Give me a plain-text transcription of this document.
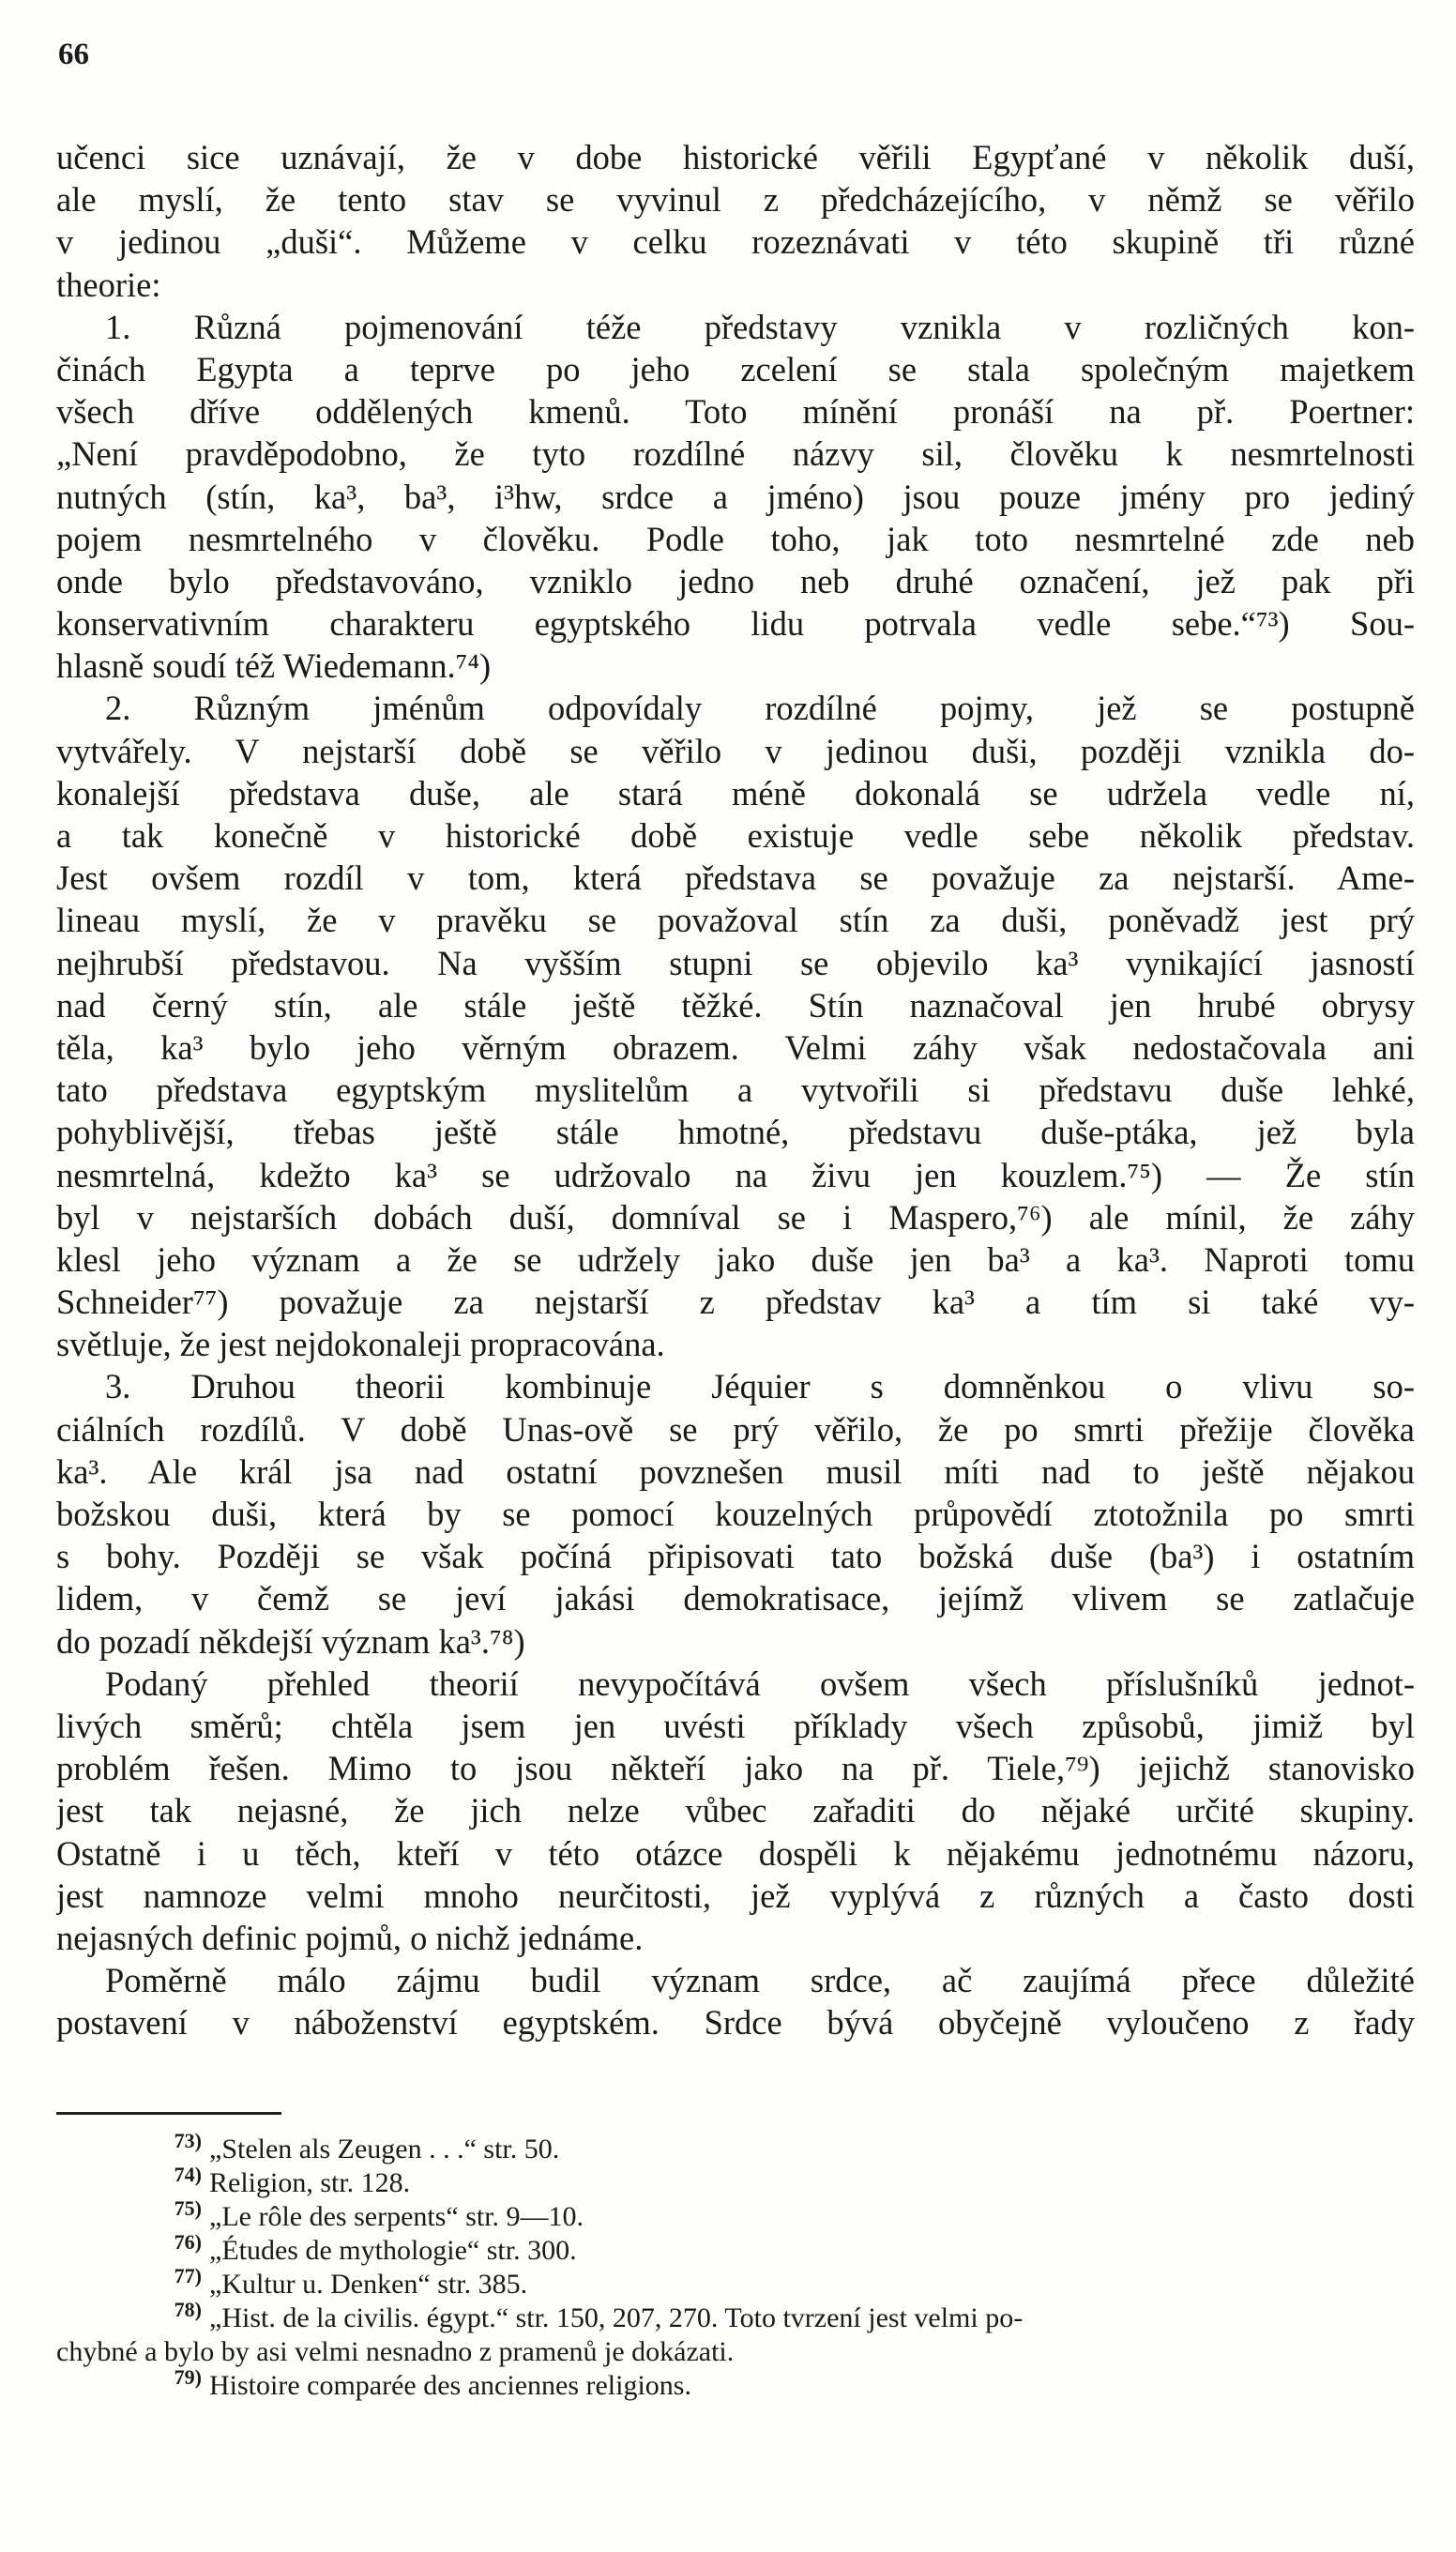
66
učenci sice uznávají, že v dobe historické věřili Egypťané v několik duší,
ale myslí, že tento stav se vyvinul z předcházejícího, v němž se věřilo
v jedinou „duši“. Můžeme v celku rozeznávati v této skupině tři různé
theorie:
1. Různá pojmenování téže představy vznikla v rozličných kon-
činách Egypta a teprve po jeho zcelení se stala společným majetkem
všech dříve oddělených kmenů. Toto mínění pronáší na př. Poertner:
„Není pravděpodobno, že tyto rozdílné názvy sil, člověku k nesmrtelnosti
nutných (stín, ka³, ba³, i³hw, srdce a jméno) jsou pouze jmény pro jediný
pojem nesmrtelného v člověku. Podle toho, jak toto nesmrtelné zde neb
onde bylo představováno, vzniklo jedno neb druhé označení, jež pak při
konservativním charakteru egyptského lidu potrvala vedle sebe.“⁷³) Sou-
hlasně soudí též Wiedemann.⁷⁴)
2. Různým jménům odpovídaly rozdílné pojmy, jež se postupně
vytvářely. V nejstarší době se věřilo v jedinou duši, později vznikla do-
konalejší představa duše, ale stará méně dokonalá se udržela vedle ní,
a tak konečně v historické době existuje vedle sebe několik představ.
Jest ovšem rozdíl v tom, která představa se považuje za nejstarší. Ame-
lineau myslí, že v pravěku se považoval stín za duši, poněvadž jest prý
nejhrubší představou. Na vyšším stupni se objevilo ka³ vynikající jasností
nad černý stín, ale stále ještě těžké. Stín naznačoval jen hrubé obrysy
těla, ka³ bylo jeho věrným obrazem. Velmi záhy však nedostačovala ani
tato představa egyptským myslitelům a vytvořili si představu duše lehké,
pohyblivější, třebas ještě stále hmotné, představu duše-ptáka, jež byla
nesmrtelná, kdežto ka³ se udržovalo na živu jen kouzlem.⁷⁵) — Že stín
byl v nejstarších dobách duší, domníval se i Maspero,⁷⁶) ale mínil, že záhy
klesl jeho význam a že se udržely jako duše jen ba³ a ka³. Naproti tomu
Schneider⁷⁷) považuje za nejstarší z představ ka³ a tím si také vy-
světluje, že jest nejdokonaleji propracována.
3. Druhou theorii kombinuje Jéquier s domněnkou o vlivu so-
ciálních rozdílů. V době Unas-ově se prý věřilo, že po smrti přežije člověka
ka³. Ale král jsa nad ostatní povznešen musil míti nad to ještě nějakou
božskou duši, která by se pomocí kouzelných průpovědí ztotožnila po smrti
s bohy. Později se však počíná připisovati tato božská duše (ba³) i ostatním
lidem, v čemž se jeví jakási demokratisace, jejímž vlivem se zatlačuje
do pozadí někdejší význam ka³.⁷⁸)
Podaný přehled theorií nevypočítává ovšem všech příslušníků jednot-
livých směrů; chtěla jsem jen uvésti příklady všech způsobů, jimiž byl
problém řešen. Mimo to jsou někteří jako na př. Tiele,⁷⁹) jejichž stanovisko
jest tak nejasné, že jich nelze vůbec zařaditi do nějaké určité skupiny.
Ostatně i u těch, kteří v této otázce dospěli k nějakému jednotnému názoru,
jest namnoze velmi mnoho neurčitosti, jež vyplývá z různých a často dosti
nejasných definic pojmů, o nichž jednáme.
Poměrně málo zájmu budil význam srdce, ač zaujímá přece důležité
postavení v náboženství egyptském. Srdce bývá obyčejně vyloučeno z řady
73) „Stelen als Zeugen . . .“ str. 50.
74) Religion, str. 128.
75) „Le rôle des serpents“ str. 9—10.
76) „Études de mythologie“ str. 300.
77) „Kultur u. Denken“ str. 385.
78) „Hist. de la civilis. égypt.“ str. 150, 207, 270. Toto tvrzení jest velmi po-
chybné a bylo by asi velmi nesnadno z pramenů je dokázati.
79) Histoire comparée des anciennes religions.
